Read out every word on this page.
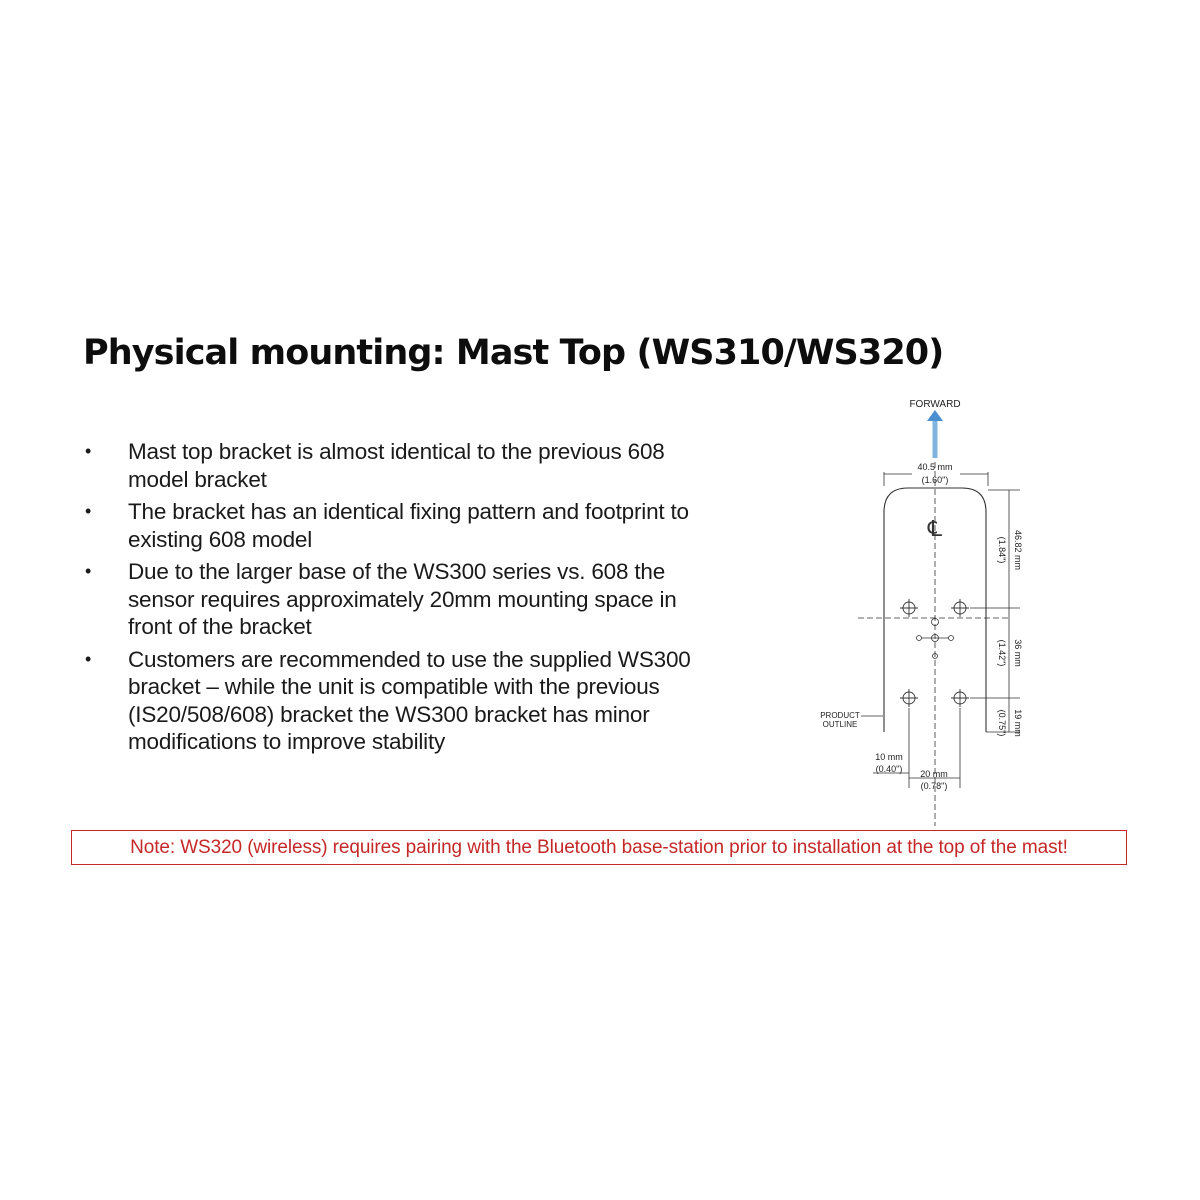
Physical mounting: Mast Top (WS310/WS320)
• Mast top bracket is almost identical to the previous 608 model bracket
• The bracket has an identical fixing pattern and footprint to existing 608 model
• Due to the larger base of the WS300 series vs. 608 the sensor requires approximately 20mm mounting space in front of the bracket
• Customers are recommended to use the supplied WS300 bracket – while the unit is compatible with the previous (IS20/508/608) bracket the WS300 bracket has minor modifications to improve stability
FORWARD
40.5 mm
(1.60")
℄
46.82 mm
(1.84")
36 mm
(1.42")
19 mm
(0.75")
PRODUCT
OUTLINE
10 mm
(0.40") 20 mm
(0.78")
Note: WS320 (wireless) requires pairing with the Bluetooth base-station prior to installation at the top of the mast!
